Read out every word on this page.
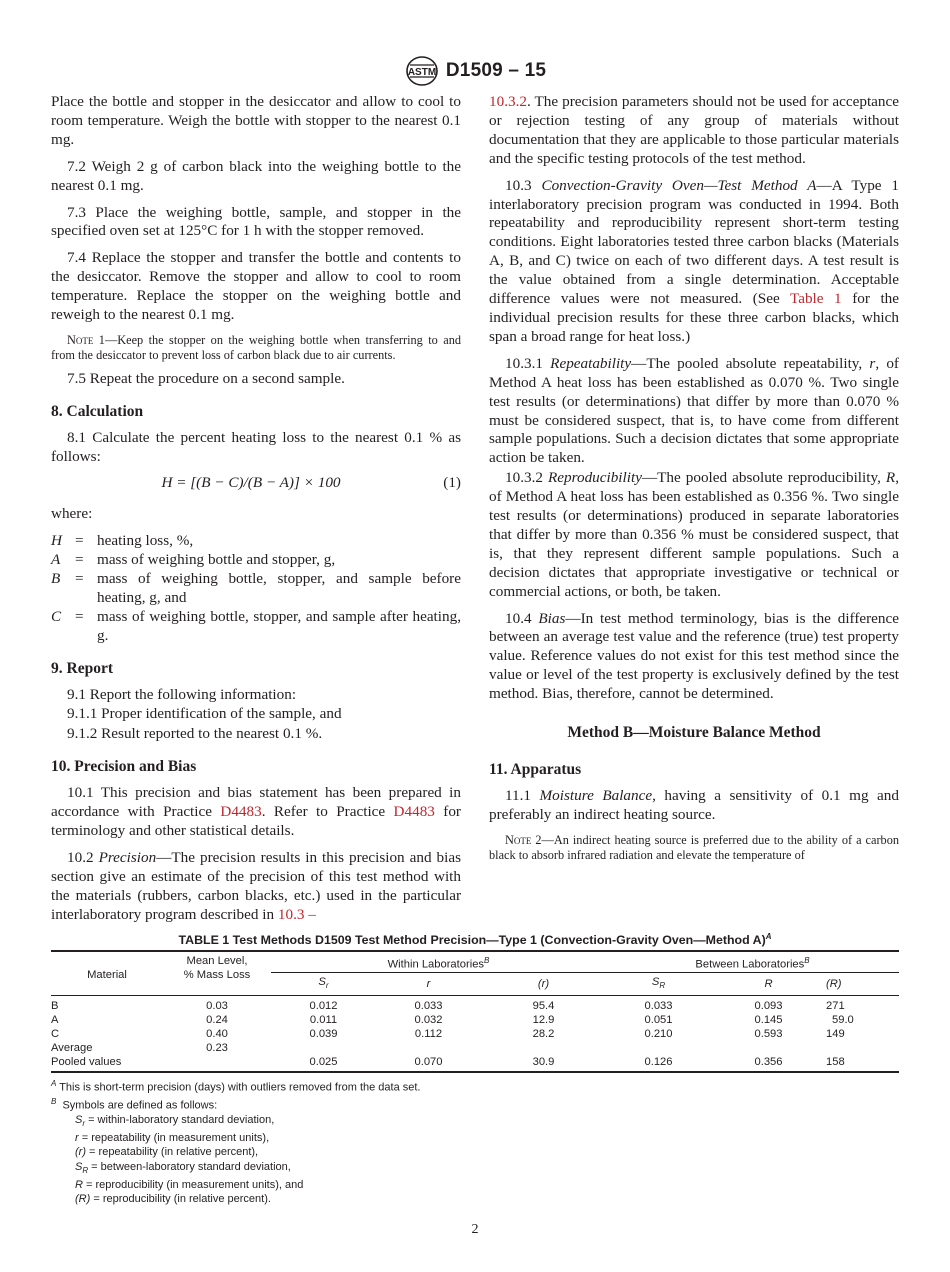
ASTM D1509 – 15

Place the bottle and stopper in the desiccator and allow to cool to room temperature. Weigh the bottle with stopper to the nearest 0.1 mg.

7.2 Weigh 2 g of carbon black into the weighing bottle to the nearest 0.1 mg.

7.3 Place the weighing bottle, sample, and stopper in the specified oven set at 125°C for 1 h with the stopper removed.

7.4 Replace the stopper and transfer the bottle and contents to the desiccator. Remove the stopper and allow to cool to room temperature. Replace the stopper on the weighing bottle and reweigh to the nearest 0.1 mg.

Note 1—Keep the stopper on the weighing bottle when transferring to and from the desiccator to prevent loss of carbon black due to air currents.

7.5 Repeat the procedure on a second sample.

8. Calculation

8.1 Calculate the percent heating loss to the nearest 0.1 % as follows:

H = [(B − C)/(B − A)] × 100	(1)

where:

H = heating loss, %,
A = mass of weighing bottle and stopper, g,
B = mass of weighing bottle, stopper, and sample before heating, g, and
C = mass of weighing bottle, stopper, and sample after heating, g.
9. Report

9.1 Report the following information:

9.1.1 Proper identification of the sample, and

9.1.2 Result reported to the nearest 0.1 %.

10. Precision and Bias

10.1 This precision and bias statement has been prepared in accordance with Practice D4483. Refer to Practice D4483 for terminology and other statistical details.

10.2 Precision—The precision results in this precision and bias section give an estimate of the precision of this test method with the materials (rubbers, carbon blacks, etc.) used in the particular interlaboratory program described in 10.3 –

10.3.2. The precision parameters should not be used for acceptance or rejection testing of any group of materials without documentation that they are applicable to those particular materials and the specific testing protocols of the test method.

10.3 Convection-Gravity Oven—Test Method A—A Type 1 interlaboratory precision program was conducted in 1994. Both repeatability and reproducibility represent short-term testing conditions. Eight laboratories tested three carbon blacks (Materials A, B, and C) twice on each of two different days. A test result is the value obtained from a single determination. Acceptable difference values were not measured. (See Table 1 for the individual precision results for these three carbon blacks, which span a broad range for heat loss.)

10.3.1 Repeatability—The pooled absolute repeatability, r, of Method A heat loss has been established as 0.070 %. Two single test results (or determinations) that differ by more than 0.070 % must be considered suspect, that is, to have come from different sample populations. Such a decision dictates that some appropriate action be taken.

10.3.2 Reproducibility—The pooled absolute reproducibility, R, of Method A heat loss has been established as 0.356 %. Two single test results (or determinations) produced in separate laboratories that differ by more than 0.356 % must be considered suspect, that is, that they represent different sample populations. Such a decision dictates that appropriate investigative or technical or commercial actions, or both, be taken.

10.4 Bias—In test method terminology, bias is the difference between an average test value and the reference (true) test property value. Reference values do not exist for this test method since the value or level of the test property is exclusively defined by the test method. Bias, therefore, cannot be determined.

Method B—Moisture Balance Method

11. Apparatus

11.1 Moisture Balance, having a sensitivity of 0.1 mg and preferably an indirect heating source.

Note 2—An indirect heating source is preferred due to the ability of a carbon black to absorb infrared radiation and elevate the temperature of

TABLE 1 Test Methods D1509 Test Method Precision—Type 1 (Convection-Gravity Oven—Method A)$^A$
Material	Mean Level,
% Mass Loss	Within Laboratories$^B$			Between Laboratories$^B$
		$S_r$	r	(r)	$S_R$	R	(R)
B	0.03	0.012	0.033	95.4	0.033	0.093	271
A	0.24	0.011	0.032	12.9	0.051	0.145	59.0
C	0.40	0.039	0.112	28.2	0.210	0.593	149
Average	0.23						
Pooled values		0.025	0.070	30.9	0.126	0.356	158
$^A$ This is short-term precision (days) with outliers removed from the data set.
$^B$  Symbols are defined as follows:
$S_r$ = within-laboratory standard deviation,
r = repeatability (in measurement units),
(r) = repeatability (in relative percent),
$S_R$ = between-laboratory standard deviation,
R = reproducibility (in measurement units), and
(R) = reproducibility (in relative percent).
2
